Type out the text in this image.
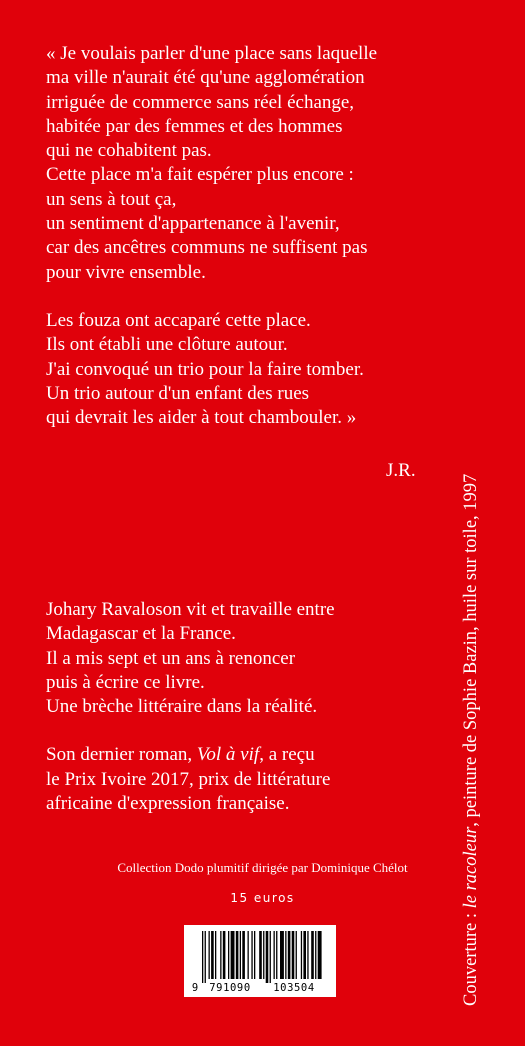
« Je voulais parler d'une place sans laquelle
ma ville n'aurait été qu'une agglomération
irriguée de commerce sans réel échange,
habitée par des femmes et des hommes
qui ne cohabitent pas.
Cette place m'a fait espérer plus encore :
un sens à tout ça,
un sentiment d'appartenance à l'avenir,
car des ancêtres communs ne suffisent pas
pour vivre ensemble.
Les fouza ont accaparé cette place.
Ils ont établi une clôture autour.
J'ai convoqué un trio pour la faire tomber.
Un trio autour d'un enfant des rues
qui devrait les aider à tout chambouler. »
J.R.
Johary Ravaloson vit et travaille entre
Madagascar et la France.
Il a mis sept et un ans à renoncer
puis à écrire ce livre.
Une brèche littéraire dans la réalité.
Son dernier roman, Vol à vif, a reçu
le Prix Ivoire 2017, prix de littérature
africaine d'expression française.
Collection Dodo plumitif dirigée par Dominique Chélot
15 euros
9 791090 103504	Couverture : le racoleur, peinture de Sophie Bazin, huile sur toile, 1997
